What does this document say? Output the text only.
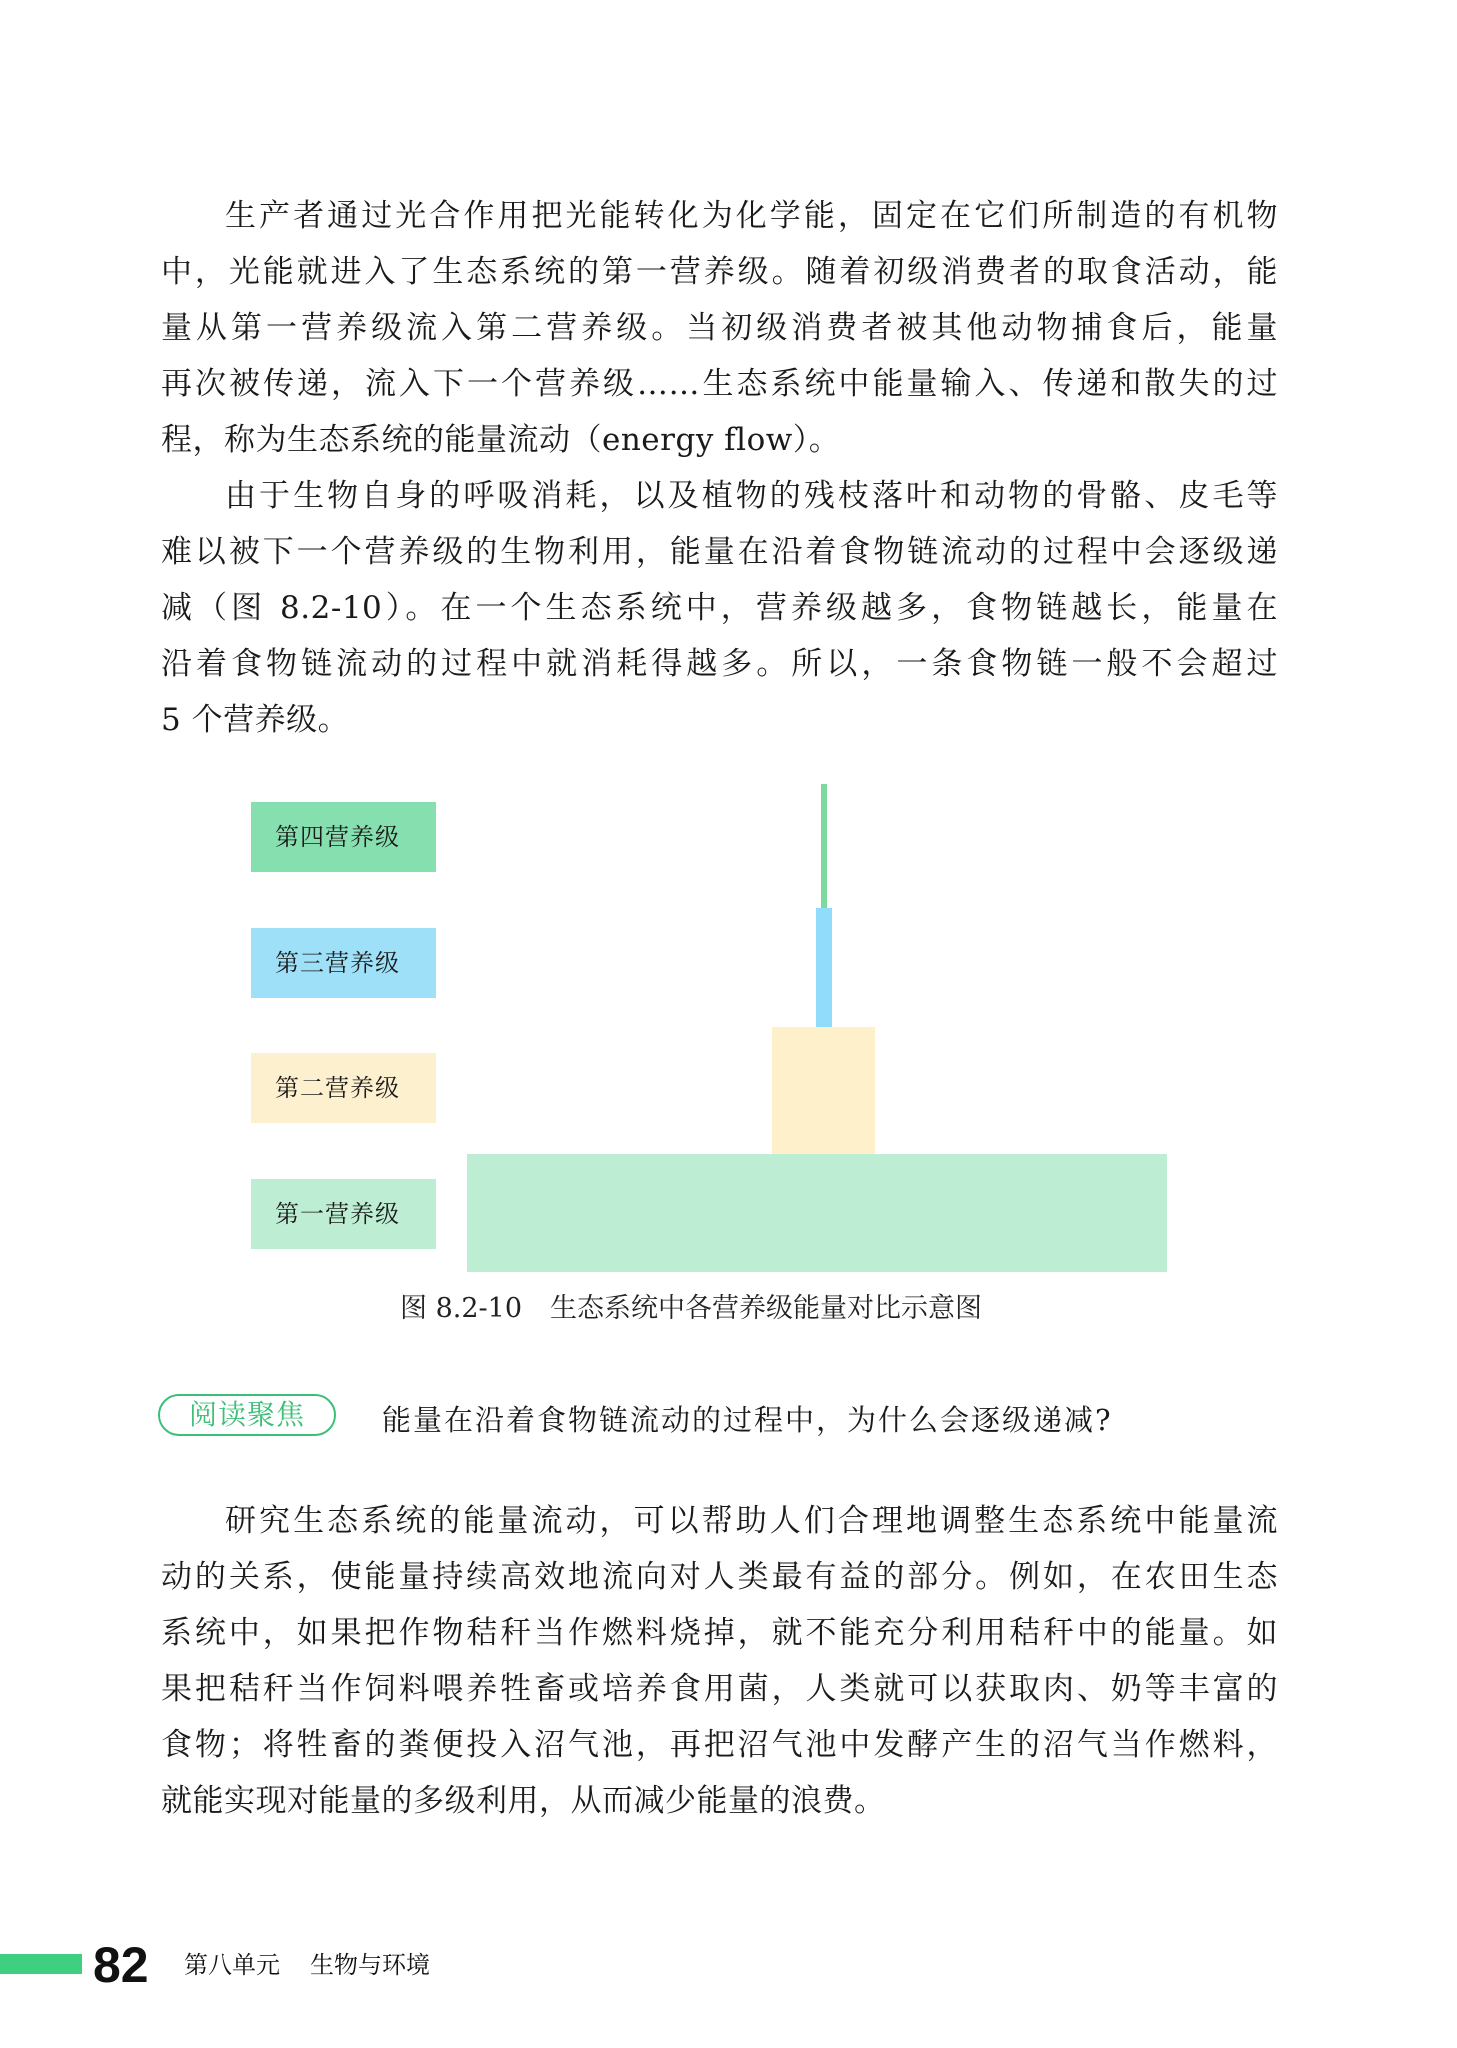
生产者通过光合作用把光能转化为化学能，固定在它们所制造的有机物
中，光能就进入了生态系统的第一营养级。随着初级消费者的取食活动，能
量从第一营养级流入第二营养级。当初级消费者被其他动物捕食后，能量
再次被传递，流入下一个营养级……生态系统中能量输入、传递和散失的过
程，称为生态系统的能量流动（energy flow）。
由于生物自身的呼吸消耗，以及植物的残枝落叶和动物的骨骼、皮毛等
难以被下一个营养级的生物利用，能量在沿着食物链流动的过程中会逐级递
减（图 8.2-10）。在一个生态系统中，营养级越多，食物链越长，能量在
沿着食物链流动的过程中就消耗得越多。所以，一条食物链一般不会超过
5 个营养级。
第四营养级
第三营养级
第二营养级
第一营养级
图 8.2-10 生态系统中各营养级能量对比示意图
阅读聚焦	能量在沿着食物链流动的过程中，为什么会逐级递减?
研究生态系统的能量流动，可以帮助人们合理地调整生态系统中能量流
动的关系，使能量持续高效地流向对人类最有益的部分。例如，在农田生态
系统中，如果把作物秸秆当作燃料烧掉，就不能充分利用秸秆中的能量。如
果把秸秆当作饲料喂养牲畜或培养食用菌，人类就可以获取肉、奶等丰富的
食物；将牲畜的粪便投入沼气池，再把沼气池中发酵产生的沼气当作燃料，
就能实现对能量的多级利用，从而减少能量的浪费。
82 第八单元 生物与环境
